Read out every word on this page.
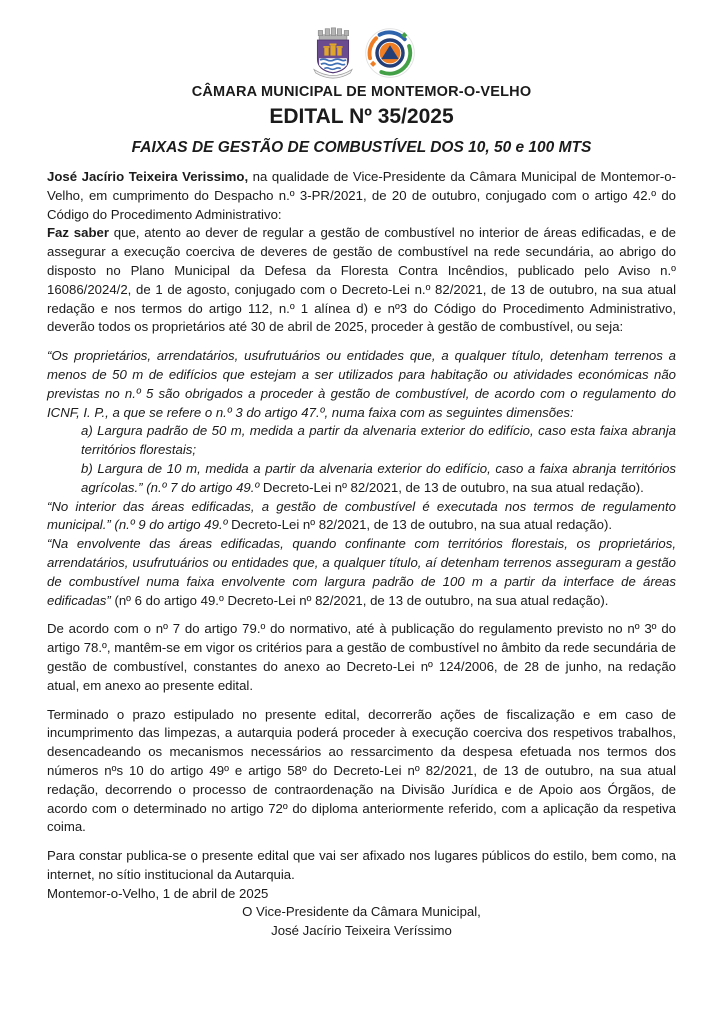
CÂMARA MUNICIPAL DE MONTEMOR-O-VELHO
EDITAL Nº 35/2025
FAIXAS DE GESTÃO DE COMBUSTÍVEL DOS 10, 50 e 100 MTS

José Jacírio Teixeira Verissimo, na qualidade de Vice-Presidente da Câmara Municipal de Montemor-o-Velho, em cumprimento do Despacho n.º 3-PR/2021, de 20 de outubro, conjugado com o artigo 42.º do Código do Procedimento Administrativo:

Faz saber que, atento ao dever de regular a gestão de combustível no interior de áreas edificadas, e de assegurar a execução coerciva de deveres de gestão de combustível na rede secundária, ao abrigo do disposto no Plano Municipal da Defesa da Floresta Contra Incêndios, publicado pelo Aviso n.º 16086/2024/2, de 1 de agosto, conjugado com o Decreto-Lei n.º 82/2021, de 13 de outubro, na sua atual redação e nos termos do artigo 112, n.º 1 alínea d) e nº3 do Código do Procedimento Administrativo, deverão todos os proprietários até 30 de abril de 2025, proceder à gestão de combustível, ou seja:

“Os proprietários, arrendatários, usufrutuários ou entidades que, a qualquer título, detenham terrenos a menos de 50 m de edifícios que estejam a ser utilizados para habitação ou atividades económicas não previstas no n.º 5 são obrigados a proceder à gestão de combustível, de acordo com o regulamento do ICNF, I. P., a que se refere o n.º 3 do artigo 47.º, numa faixa com as seguintes dimensões:

a) Largura padrão de 50 m, medida a partir da alvenaria exterior do edifício, caso esta faixa abranja territórios florestais;

b) Largura de 10 m, medida a partir da alvenaria exterior do edifício, caso a faixa abranja territórios agrícolas.” (n.º 7 do artigo 49.º Decreto-Lei nº 82/2021, de 13 de outubro, na sua atual redação).

“No interior das áreas edificadas, a gestão de combustível é executada nos termos de regulamento municipal.” (n.º 9 do artigo 49.º Decreto-Lei nº 82/2021, de 13 de outubro, na sua atual redação).

“Na envolvente das áreas edificadas, quando confinante com territórios florestais, os proprietários, arrendatários, usufrutuários ou entidades que, a qualquer título, aí detenham terrenos asseguram a gestão de combustível numa faixa envolvente com largura padrão de 100 m a partir da interface de áreas edificadas” (nº 6 do artigo 49.º Decreto-Lei nº 82/2021, de 13 de outubro, na sua atual redação).

De acordo com o nº 7 do artigo 79.º do normativo, até à publicação do regulamento previsto no nº 3º do artigo 78.º, mantêm-se em vigor os critérios para a gestão de combustível no âmbito da rede secundária de gestão de combustível, constantes do anexo ao Decreto-Lei nº 124/2006, de 28 de junho, na redação atual, em anexo ao presente edital.

Terminado o prazo estipulado no presente edital, decorrerão ações de fiscalização e em caso de incumprimento das limpezas, a autarquia poderá proceder à execução coerciva dos respetivos trabalhos, desencadeando os mecanismos necessários ao ressarcimento da despesa efetuada nos termos dos números nºs 10 do artigo 49º e artigo 58º do Decreto-Lei nº 82/2021, de 13 de outubro, na sua atual redação, decorrendo o processo de contraordenação na Divisão Jurídica e de Apoio aos Órgãos, de acordo com o determinado no artigo 72º do diploma anteriormente referido, com a aplicação da respetiva coima.

Para constar publica-se o presente edital que vai ser afixado nos lugares públicos do estilo, bem como, na internet, no sítio institucional da Autarquia.

Montemor-o-Velho, 1 de abril de 2025

O Vice-Presidente da Câmara Municipal,

José Jacírio Teixeira Veríssimo
